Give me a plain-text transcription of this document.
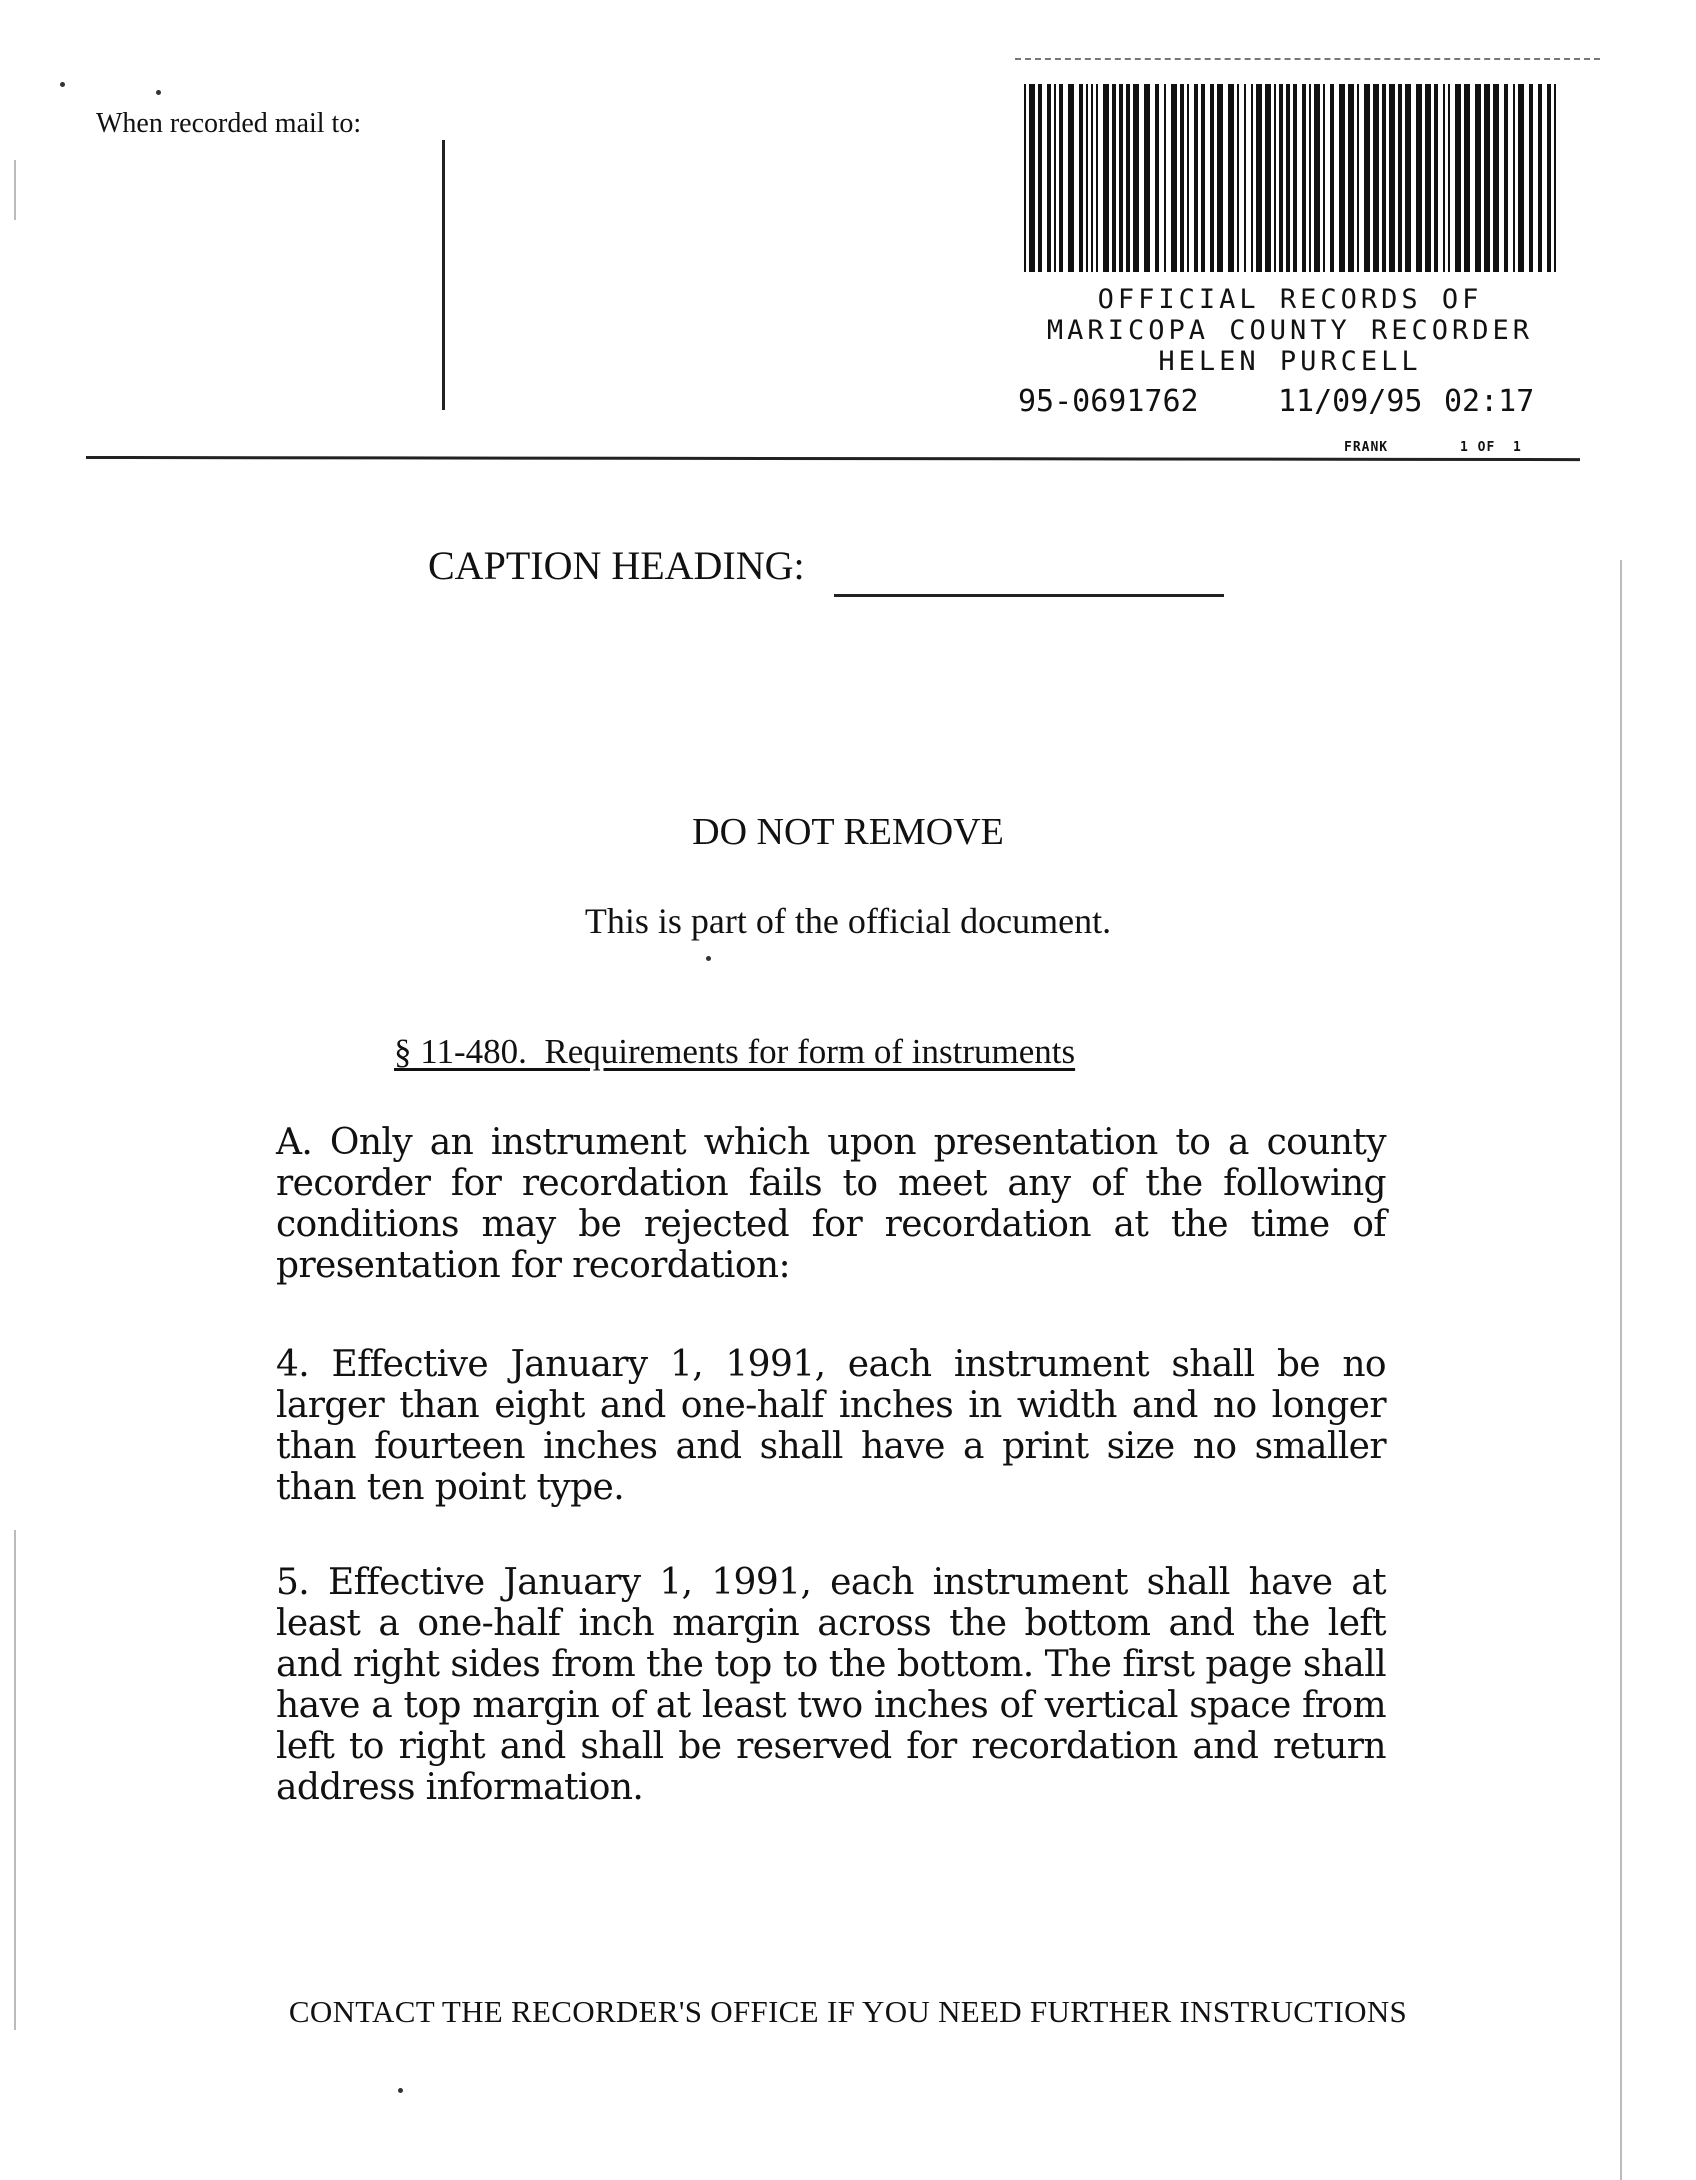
When recorded mail to:
OFFICIAL RECORDS OF
MARICOPA COUNTY RECORDER
HELEN PURCELL
95-0691762	11/09/95 02:17
FRANK	1 OF  1
CAPTION HEADING:
DO NOT REMOVE
This is part of the official document.
§ 11-480.  Requirements for form of instruments
A. Only an instrument which upon presentation to a county recorder for recordation fails to meet any of the following conditions may be rejected for recordation at the time of presentation for recordation:
4. Effective January 1, 1991, each instrument shall be no larger than eight and one-half inches in width and no longer than fourteen inches and shall have a print size no smaller than ten point type.
5. Effective January 1, 1991, each instrument shall have at least a one-half inch margin across the bottom and the left and right sides from the top to the bottom. The first page shall have a top margin of at least two inches of vertical space from left to right and shall be reserved for recordation and return address information.
CONTACT THE RECORDER'S OFFICE IF YOU NEED FURTHER INSTRUCTIONS
